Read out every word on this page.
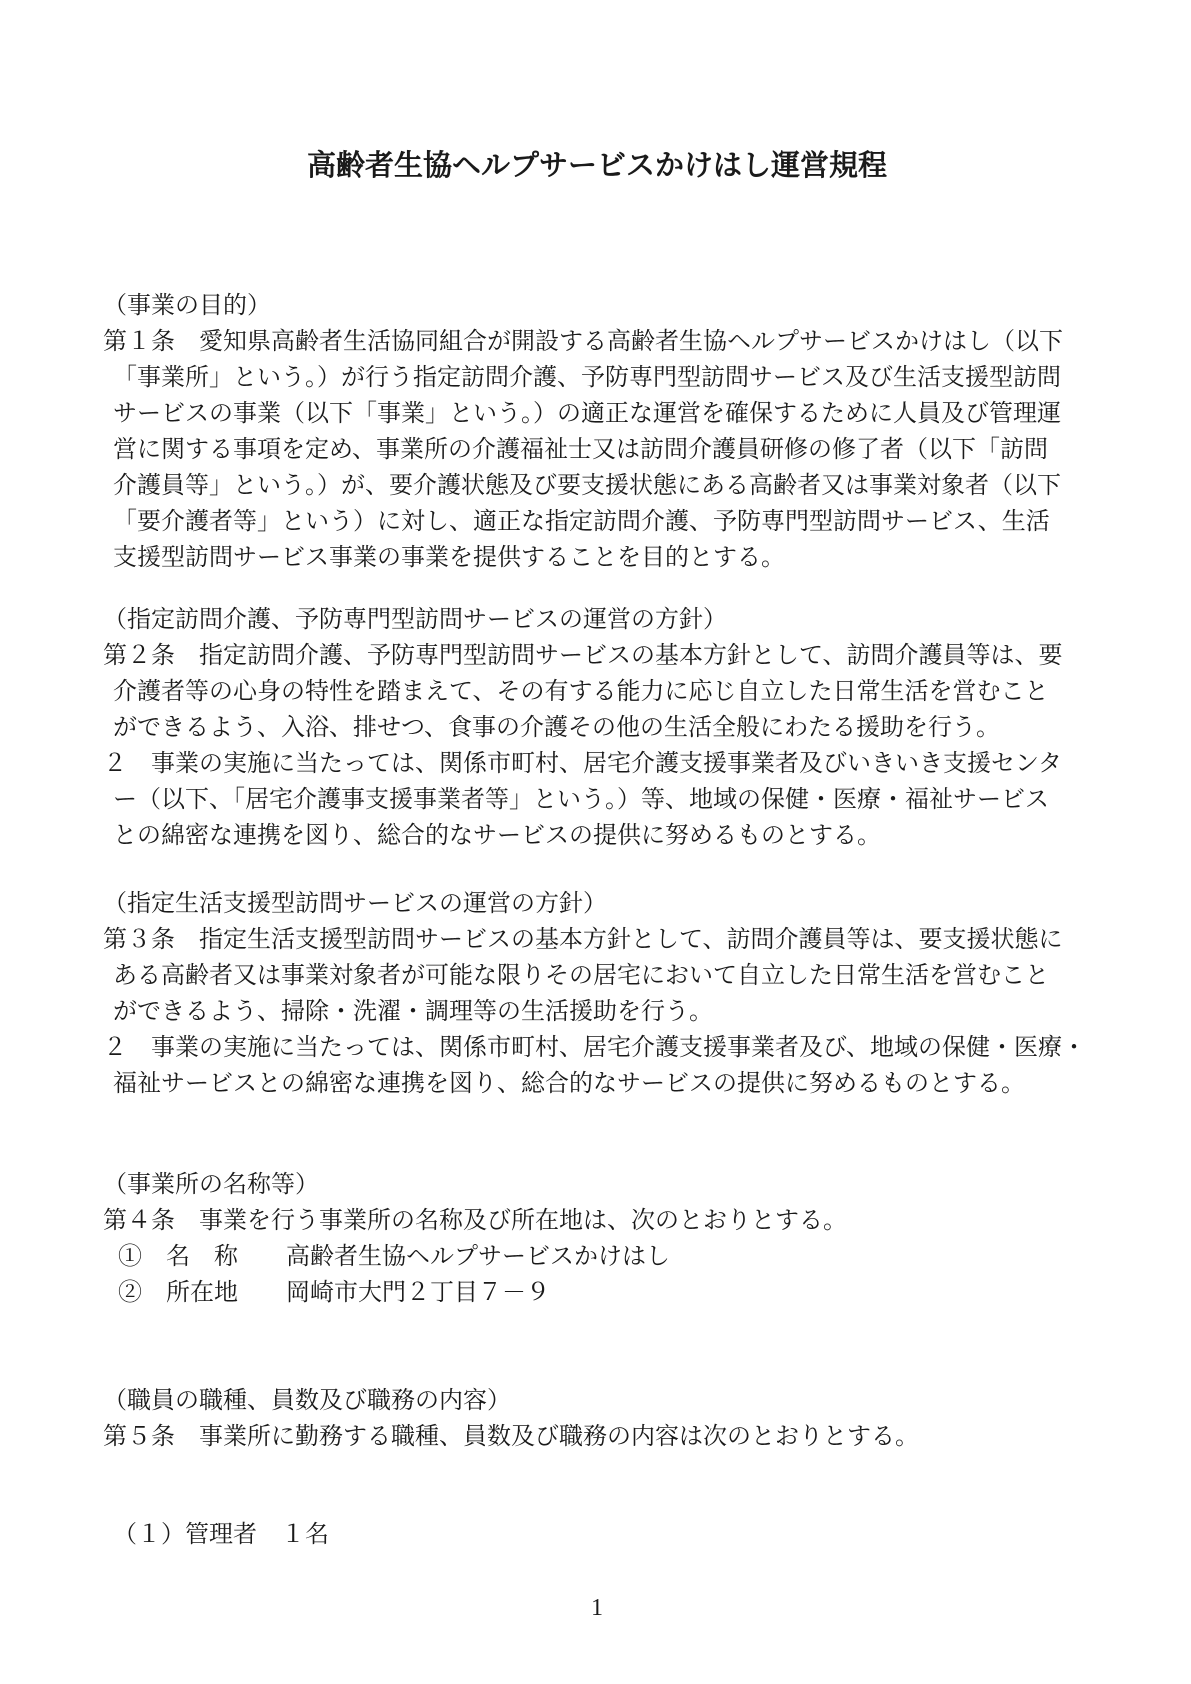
高齢者生協ヘルプサービスかけはし運営規程
（事業の目的）
第１条　愛知県高齢者生活協同組合が開設する高齢者生協ヘルプサービスかけはし（以下
「事業所」という。）が行う指定訪問介護、予防専門型訪問サービス及び生活支援型訪問
サービスの事業（以下「事業」という。）の適正な運営を確保するために人員及び管理運
営に関する事項を定め、事業所の介護福祉士又は訪問介護員研修の修了者（以下「訪問
介護員等」という。）が、要介護状態及び要支援状態にある高齢者又は事業対象者（以下
「要介護者等」という）に対し、適正な指定訪問介護、予防専門型訪問サービス、生活
支援型訪問サービス事業の事業を提供することを目的とする。
（指定訪問介護、予防専門型訪問サービスの運営の方針）
第２条　指定訪問介護、予防専門型訪問サービスの基本方針として、訪問介護員等は、要
介護者等の心身の特性を踏まえて、その有する能力に応じ自立した日常生活を営むこと
ができるよう、入浴、排せつ、食事の介護その他の生活全般にわたる援助を行う。
２　事業の実施に当たっては、関係市町村、居宅介護支援事業者及びいきいき支援センタ
ー（以下、「居宅介護事支援事業者等」という。）等、地域の保健・医療・福祉サービス
との綿密な連携を図り、総合的なサービスの提供に努めるものとする。
（指定生活支援型訪問サービスの運営の方針）
第３条　指定生活支援型訪問サービスの基本方針として、訪問介護員等は、要支援状態に
ある高齢者又は事業対象者が可能な限りその居宅において自立した日常生活を営むこと
ができるよう、掃除・洗濯・調理等の生活援助を行う。
２　事業の実施に当たっては、関係市町村、居宅介護支援事業者及び、地域の保健・医療・
福祉サービスとの綿密な連携を図り、総合的なサービスの提供に努めるものとする。
（事業所の名称等）
第４条　事業を行う事業所の名称及び所在地は、次のとおりとする。
①　名　称　　高齢者生協ヘルプサービスかけはし
②　所在地　　岡崎市大門２丁目７－９
（職員の職種、員数及び職務の内容）
第５条　事業所に勤務する職種、員数及び職務の内容は次のとおりとする。
（１）管理者　１名
1
